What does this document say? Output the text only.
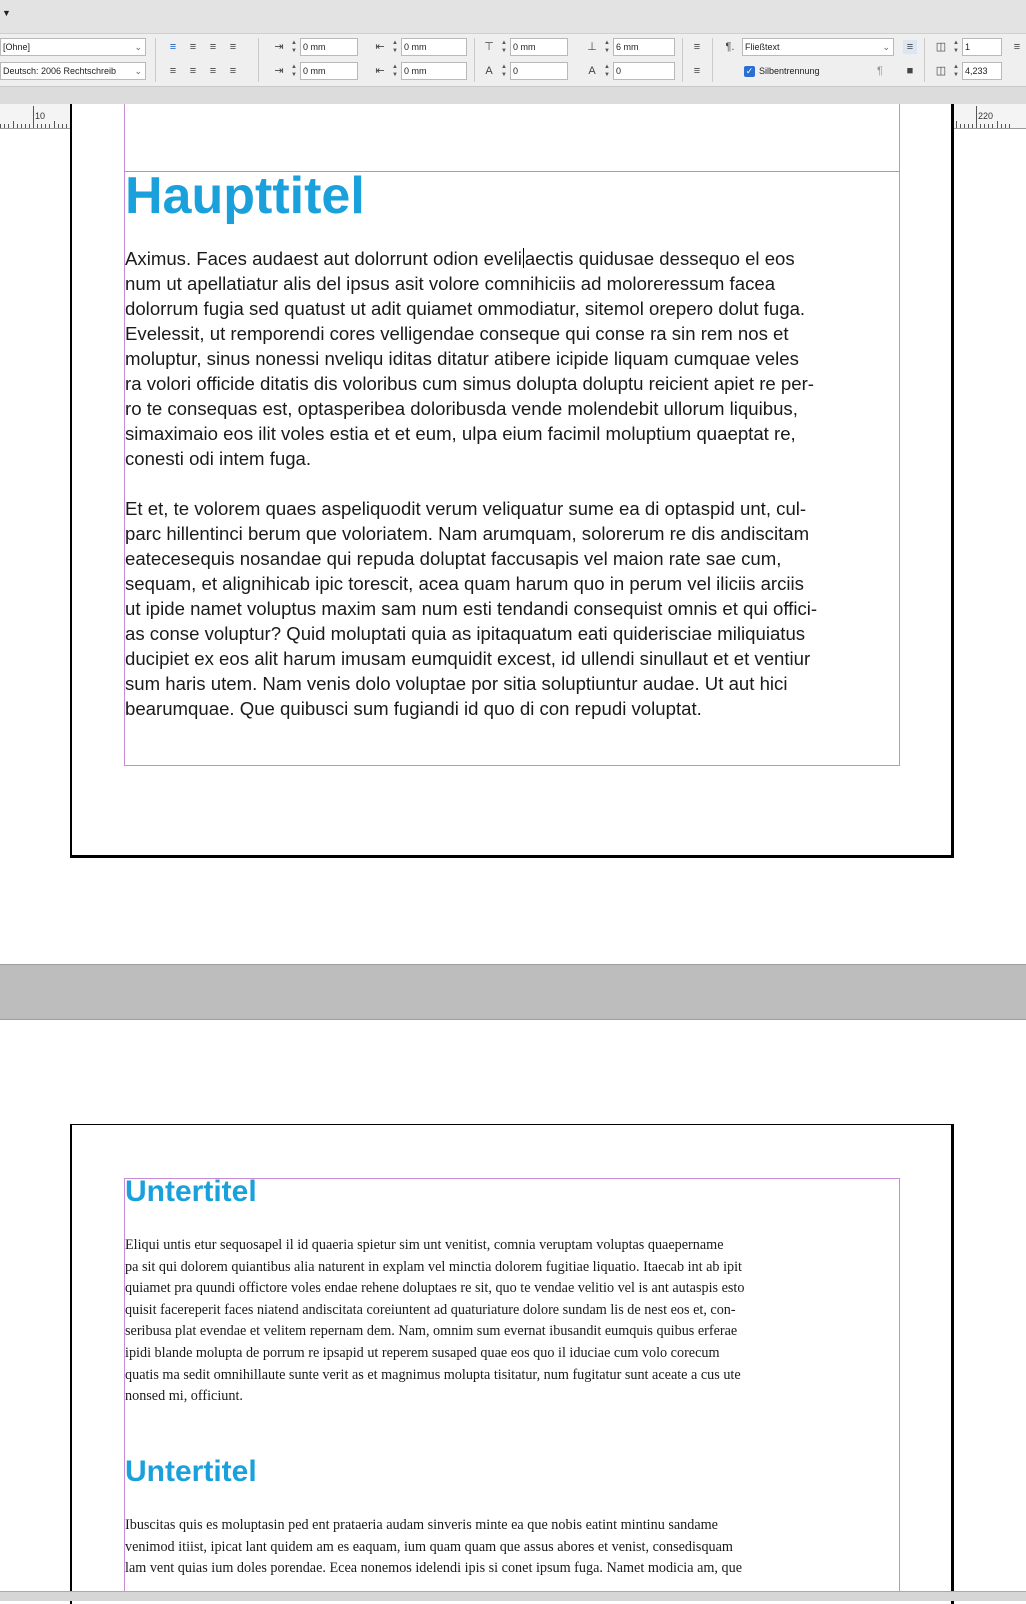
▼
[Ohne]	⌄
Deutsch: 2006 Rechtschreib ⌄
≡	≡	≡	≡
≡	≡	≡	≡
⇥	▲
▼ 0 mm
⇥	▲
▼ 0 mm
⇤	▲
▼ 0 mm
⇤	▲
▼ 0 mm
⊤	▲
▼ 0 mm
A	▲
▼ 0
⊥	▲
▼ 6 mm
A	▲
▼ 0
≡
≡
¶.	Fließtext	⌄
✓ Silbentrennung	¶
≡
■
◫ ▲
▼ 1
◫ ▲
▼ 4,233
≡
10	220
Haupttitel
Aximus. Faces audaest aut dolorrunt odion eveli aectis quidusae dessequo el eos
num ut apellatiatur alis del ipsus asit volore comnihiciis ad moloreressum facea
dolorrum fugia sed quatust ut adit quiamet ommodiatur, sitemol orepero dolut fuga.
Evelessit, ut remporendi cores velligendae conseque qui conse ra sin rem nos et
moluptur, sinus nonessi nveliqu iditas ditatur atibere icipide liquam cumquae veles
ra volori officide ditatis dis voloribus cum simus dolupta doluptu reicient apiet re per-
ro te consequas est, optasperibea doloribusda vende molendebit ullorum liquibus,
simaximaio eos ilit voles estia et et eum, ulpa eium facimil moluptium quaeptat re,
conesti odi intem fuga.
Et et, te volorem quaes aspeliquodit verum veliquatur sume ea di optaspid unt, cul-
parc hillentinci berum que voloriatem. Nam arumquam, solorerum re dis andiscitam
eatecesequis nosandae qui repuda doluptat faccusapis vel maion rate sae cum,
sequam, et alignihicab ipic torescit, acea quam harum quo in perum vel iliciis arciis
ut ipide namet voluptus maxim sam num esti tendandi consequist omnis et qui offici-
as conse voluptur? Quid moluptati quia as ipitaquatum eati quiderisciae miliquiatus
ducipiet ex eos alit harum imusam eumquidit excest, id ullendi sinullaut et et ventiur
sum haris utem. Nam venis dolo voluptae por sitia soluptiuntur audae. Ut aut hici
bearumquae. Que quibusci sum fugiandi id quo di con repudi voluptat.
Untertitel
Eliqui untis etur sequosapel il id quaeria spietur sim unt venitist, comnia veruptam voluptas quaepername
pa sit qui dolorem quiantibus alia naturent in explam vel minctia dolorem fugitiae liquatio. Itaecab int ab ipit
quiamet pra quundi offictore voles endae rehene doluptaes re sit, quo te vendae velitio vel is ant autaspis esto
quisit facereperit faces niatend andiscitata coreiuntent ad quaturiature dolore sundam lis de nest eos et, con-
seribusa plat evendae et velitem repernam dem. Nam, omnim sum evernat ibusandit eumquis quibus erferae
ipidi blande molupta de porrum re ipsapid ut reperem susaped quae eos quo il iduciae cum volo corecum
quatis ma sedit omnihillaute sunte verit as et magnimus molupta tisitatur, num fugitatur sunt aceate a cus ute
nonsed mi, officiunt.
Untertitel
Ibuscitas quis es moluptasin ped ent prataeria audam sinveris minte ea que nobis eatint mintinu sandame
venimod itiist, ipicat lant quidem am es eaquam, ium quam quam que assus abores et venist, consedisquam
lam vent quias ium doles porendae. Ecea nonemos idelendi ipis si conet ipsum fuga. Namet modicia am, que
